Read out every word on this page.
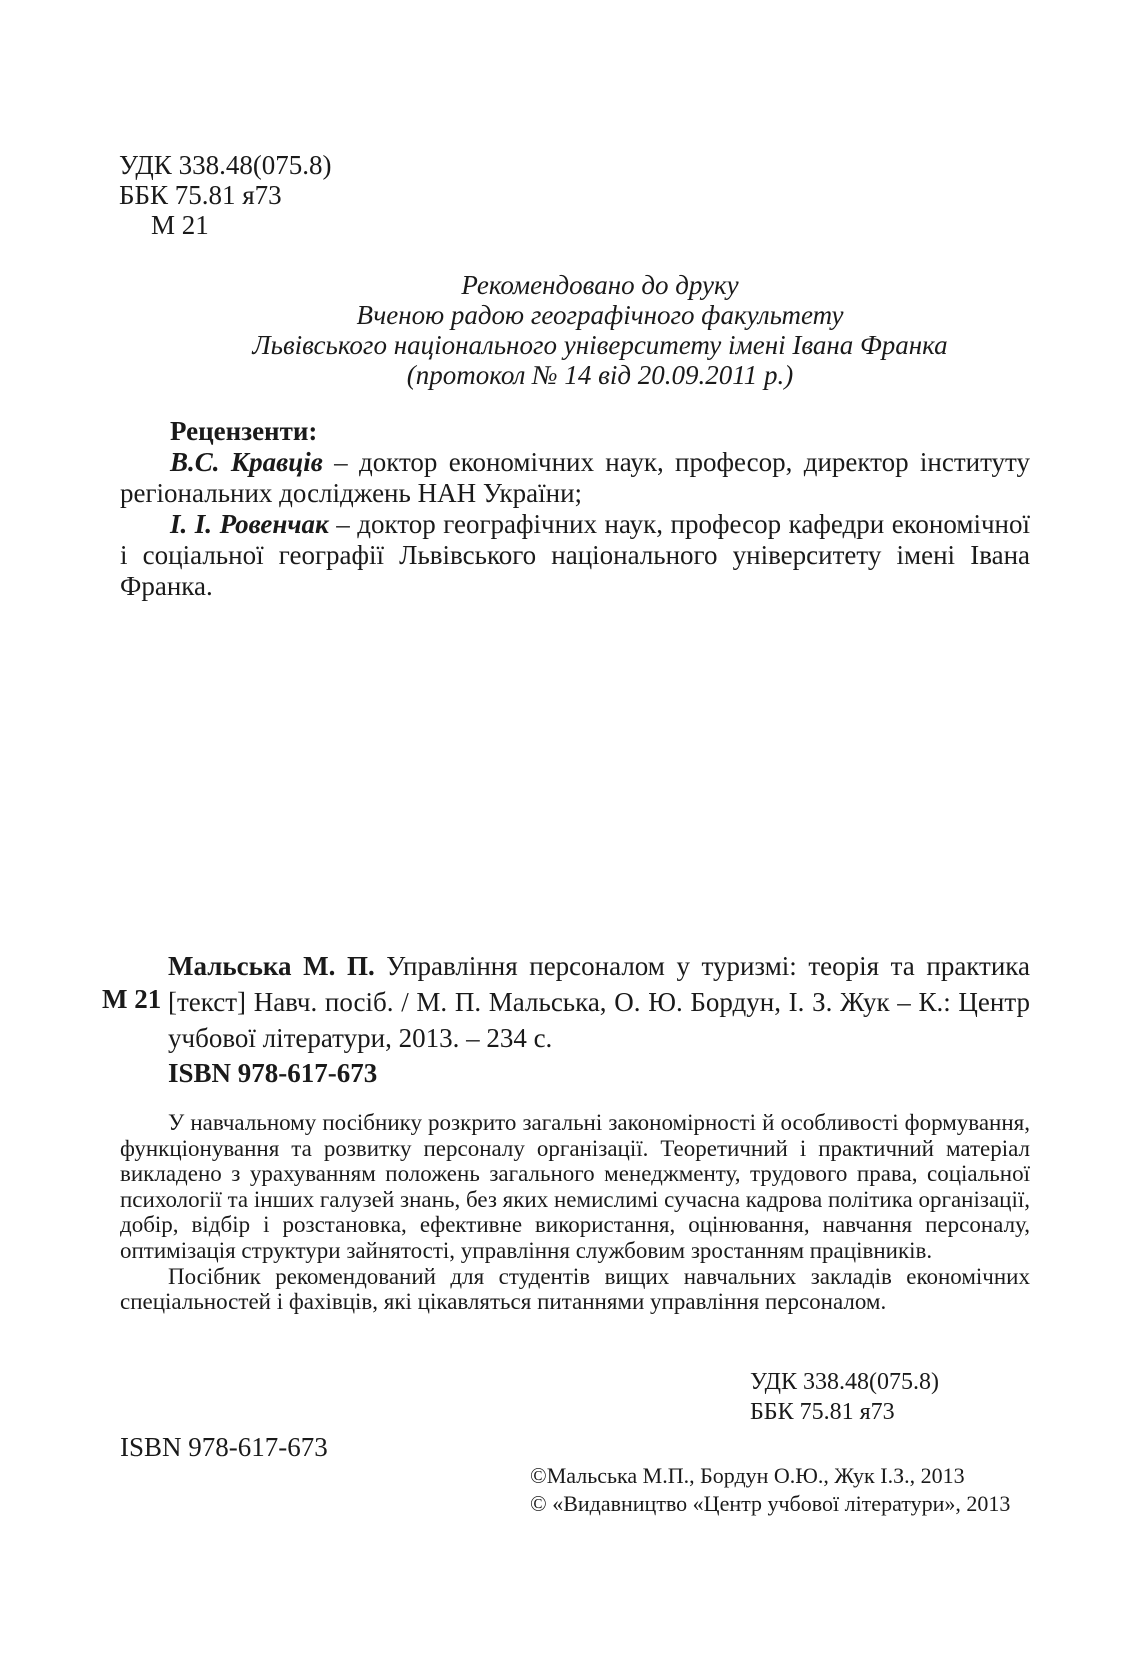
УДК 338.48(075.8)
ББК 75.81 я73
М 21
Рекомендовано до друку
Вченою радою географічного факультету
Львівського національного університету імені Івана Франка
(протокол № 14 від 20.09.2011 р.)
Рецензенти:

В.С. Кравців – доктор економічних наук, професор, директор інституту регіональних досліджень НАН України;

І. І. Ровенчак – доктор географічних наук, професор кафедри економічної і соціальної географії Львівського національного університету імені Івана Франка.

М 21
Мальська М. П. Управління персоналом у туризмі: теорія та практика [текст] Навч. посіб. / М. П. Мальська, О. Ю. Бордун, І. З. Жук – К.: Центр учбової літератури, 2013. – 234 с.
ISBN 978-617-673

У навчальному посібнику розкрито загальні закономірності й особливості формування, функціонування та розвитку персоналу організації. Теоретичний і практичний матеріал викладено з урахуванням положень загального менеджменту, трудового права, соціальної психології та інших галузей знань, без яких немислимі сучасна кадрова політика організації, добір, відбір і розстановка, ефективне використання, оцінювання, навчання персоналу, оптимізація структури зайнятості, управління службовим зростанням працівників.

Посібник рекомендований для студентів вищих навчальних закладів економічних спеціальностей і фахівців, які цікавляться питаннями управління персоналом.

УДК 338.48(075.8)
ББК 75.81 я73
ISBN 978-617-673
©Мальська М.П., Бордун О.Ю., Жук І.З., 2013
© «Видавництво «Центр учбової літератури», 2013
